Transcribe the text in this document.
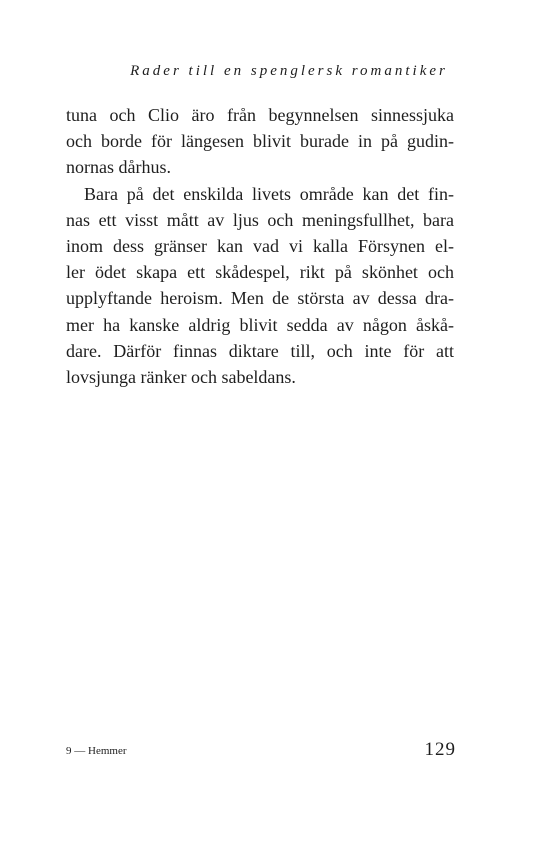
Rader till en spenglersk romantiker
tuna och Clio äro från begynnelsen sinnessjuka
och borde för längesen blivit burade in på gudin-
nornas dårhus.
Bara på det enskilda livets område kan det fin-
nas ett visst mått av ljus och meningsfullhet, bara
inom dess gränser kan vad vi kalla Försynen el-
ler ödet skapa ett skådespel, rikt på skönhet och
upplyftande heroism. Men de största av dessa dra-
mer ha kanske aldrig blivit sedda av någon åskå-
dare. Därför finnas diktare till, och inte för att
lovsjunga ränker och sabeldans.
9 — Hemmer	129
